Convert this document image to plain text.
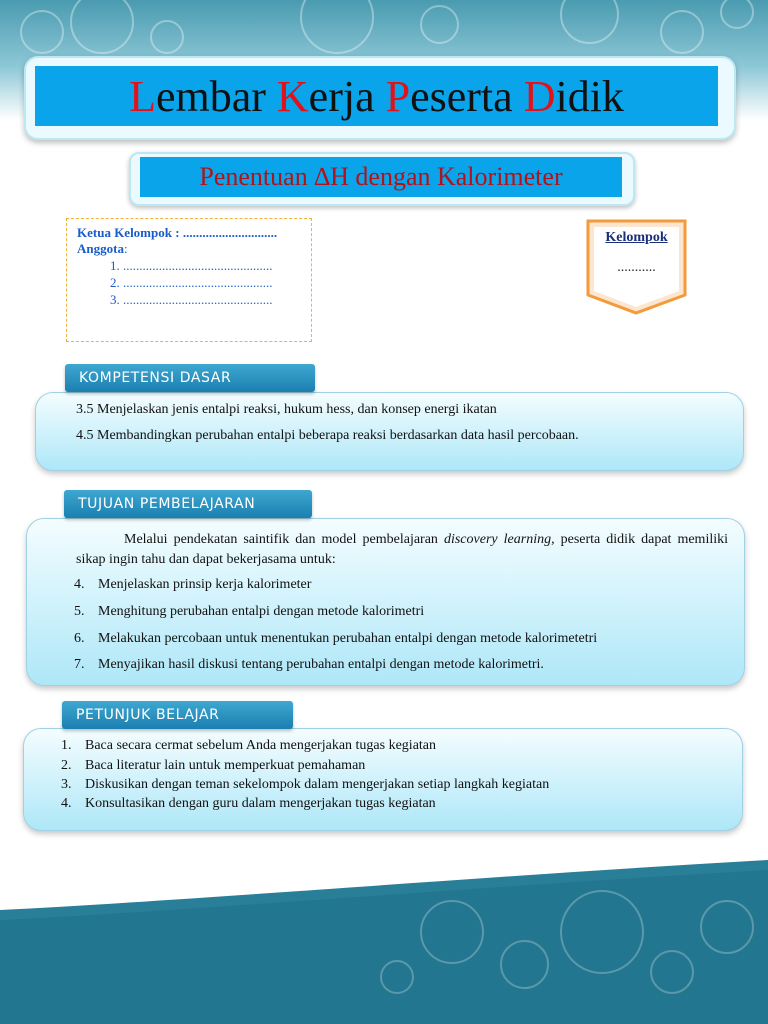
L embar
K erja
P eserta
D idik
Penentuan
∆ H dengan
K alorimeter
Ketua Kelompok : .............................
Anggota:
1. ..............................................
2. ..............................................
3. ..............................................
Kelompok
...........
KOMPETENSI DASAR
3.5 Menjelaskan jenis entalpi reaksi, hukum hess, dan konsep energi ikatan
4.5 Membandingkan perubahan entalpi beberapa reaksi berdasarkan data hasil percobaan.
TUJUAN PEMBELAJARAN
Melalui pendekatan saintifik dan model pembelajaran discovery learning, peserta didik dapat memiliki sikap ingin tahu dan dapat bekerjasama untuk:
4. Menjelaskan prinsip kerja kalorimeter
5. Menghitung perubahan entalpi dengan metode kalorimetri
6. Melakukan percobaan untuk menentukan perubahan entalpi dengan metode kalorimetetri
7. Menyajikan hasil diskusi tentang perubahan entalpi dengan metode kalorimetri.
PETUNJUK BELAJAR
1. Baca secara cermat sebelum Anda mengerjakan tugas kegiatan
2. Baca literatur lain untuk memperkuat pemahaman
3. Diskusikan dengan teman sekelompok dalam mengerjakan setiap langkah kegiatan
4. Konsultasikan dengan guru dalam mengerjakan tugas kegiatan
